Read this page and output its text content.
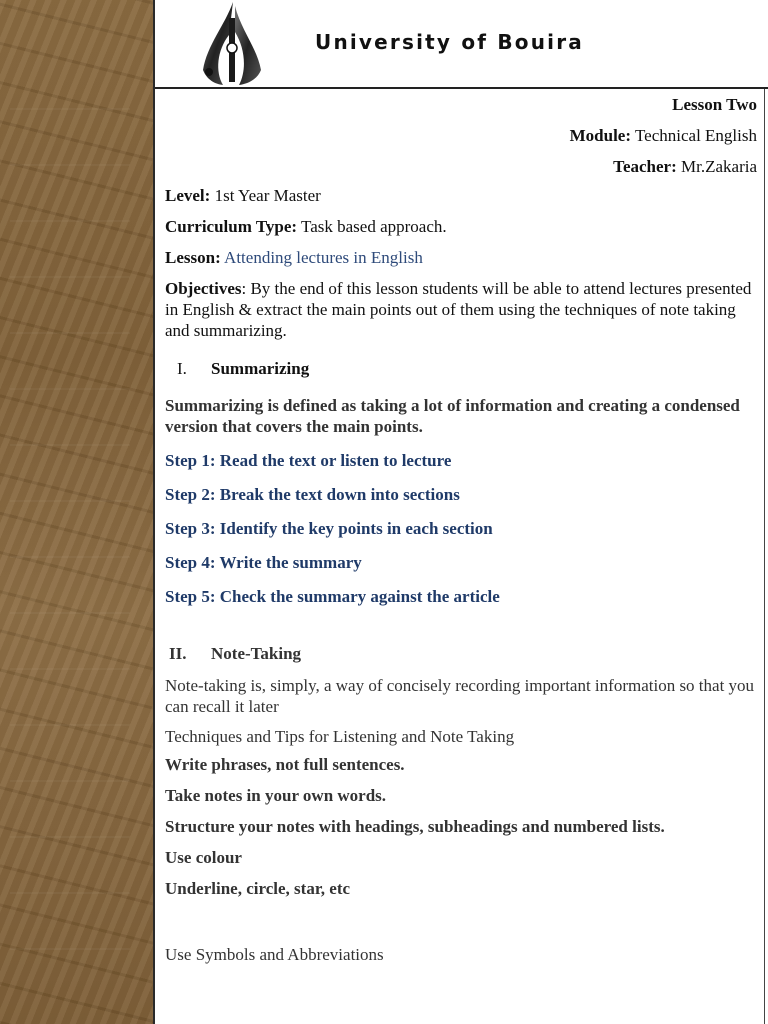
University of Bouira
Lesson Two
Module: Technical English
Teacher: Mr.Zakaria

Level: 1st Year Master

Curriculum Type: Task based approach.

Lesson: Attending lectures in English

Objectives: By the end of this lesson students will be able to attend lectures presented in English & extract the main points out of them using the techniques of note taking and summarizing.

I. Summarizing

Summarizing is defined as taking a lot of information and creating a condensed version that covers the main points.

Step 1: Read the text or listen to lecture

Step 2: Break the text down into sections

Step 3: Identify the key points in each section

Step 4: Write the summary

Step 5: Check the summary against the article

II. Note-Taking

Note-taking is, simply, a way of concisely recording important information so that you can recall it later

Techniques and Tips for Listening and Note Taking

Write phrases, not full sentences.

Take notes in your own words.

Structure your notes with headings, subheadings and numbered lists.

Use colour

Underline, circle, star, etc

Use Symbols and Abbreviations
